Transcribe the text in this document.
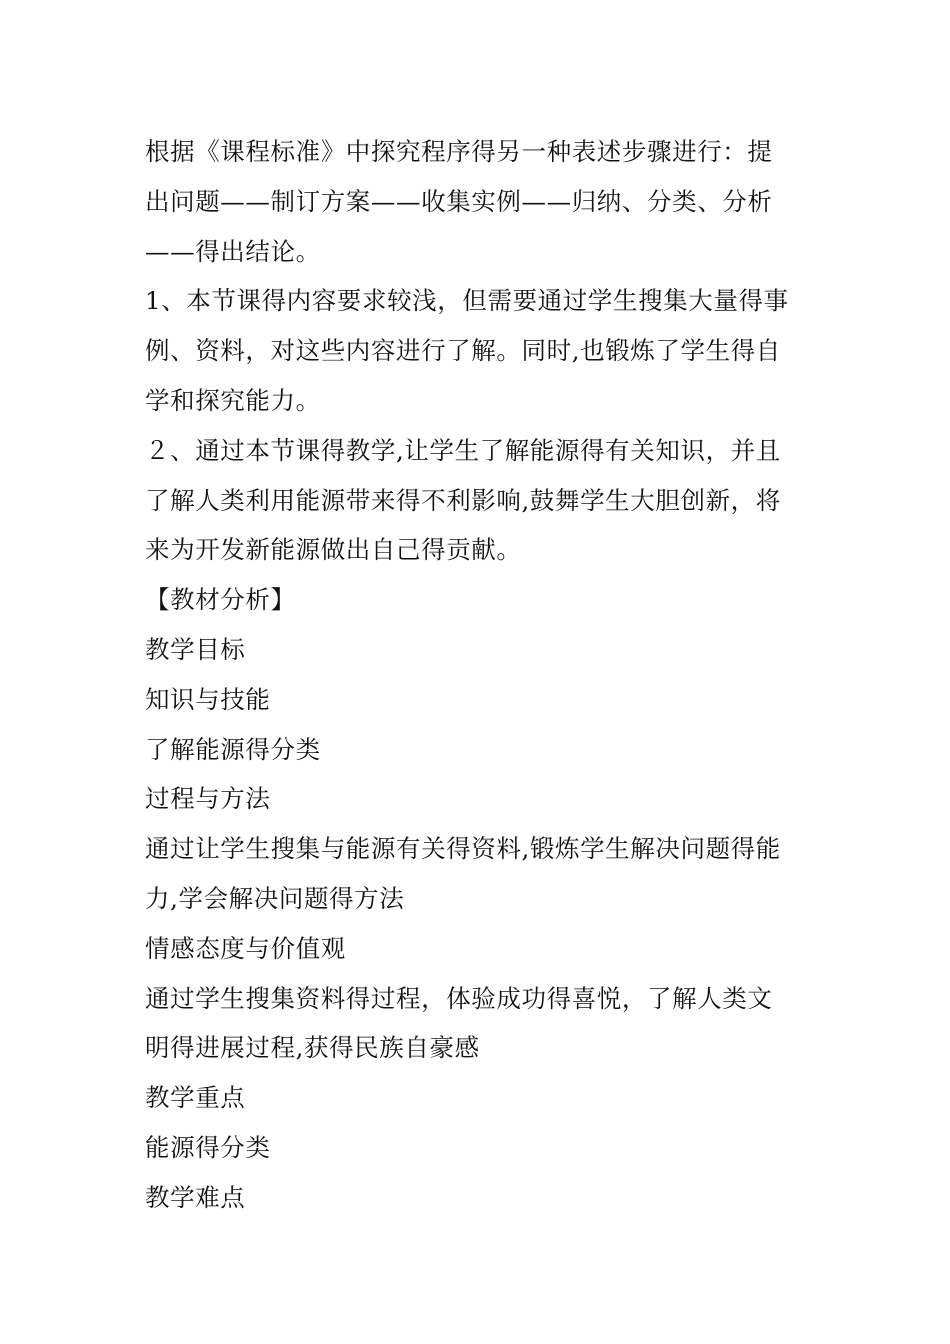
根据《课程标准》中探究程序得另一种表述步骤进行：提
出问题——制订方案——收集实例——归纳、分类、分析
——得出结论。
1、本节课得内容要求较浅，但需要通过学生搜集大量得事
例、资料，对这些内容进行了解。同时,也锻炼了学生得自
学和探究能力。
２、通过本节课得教学,让学生了解能源得有关知识，并且
了解人类利用能源带来得不利影响,鼓舞学生大胆创新，将
来为开发新能源做出自己得贡献。
【教材分析】
教学目标
知识与技能
了解能源得分类
过程与方法
通过让学生搜集与能源有关得资料,锻炼学生解决问题得能
力,学会解决问题得方法
情感态度与价值观
通过学生搜集资料得过程，体验成功得喜悦，了解人类文
明得进展过程,获得民族自豪感
教学重点
能源得分类
教学难点
